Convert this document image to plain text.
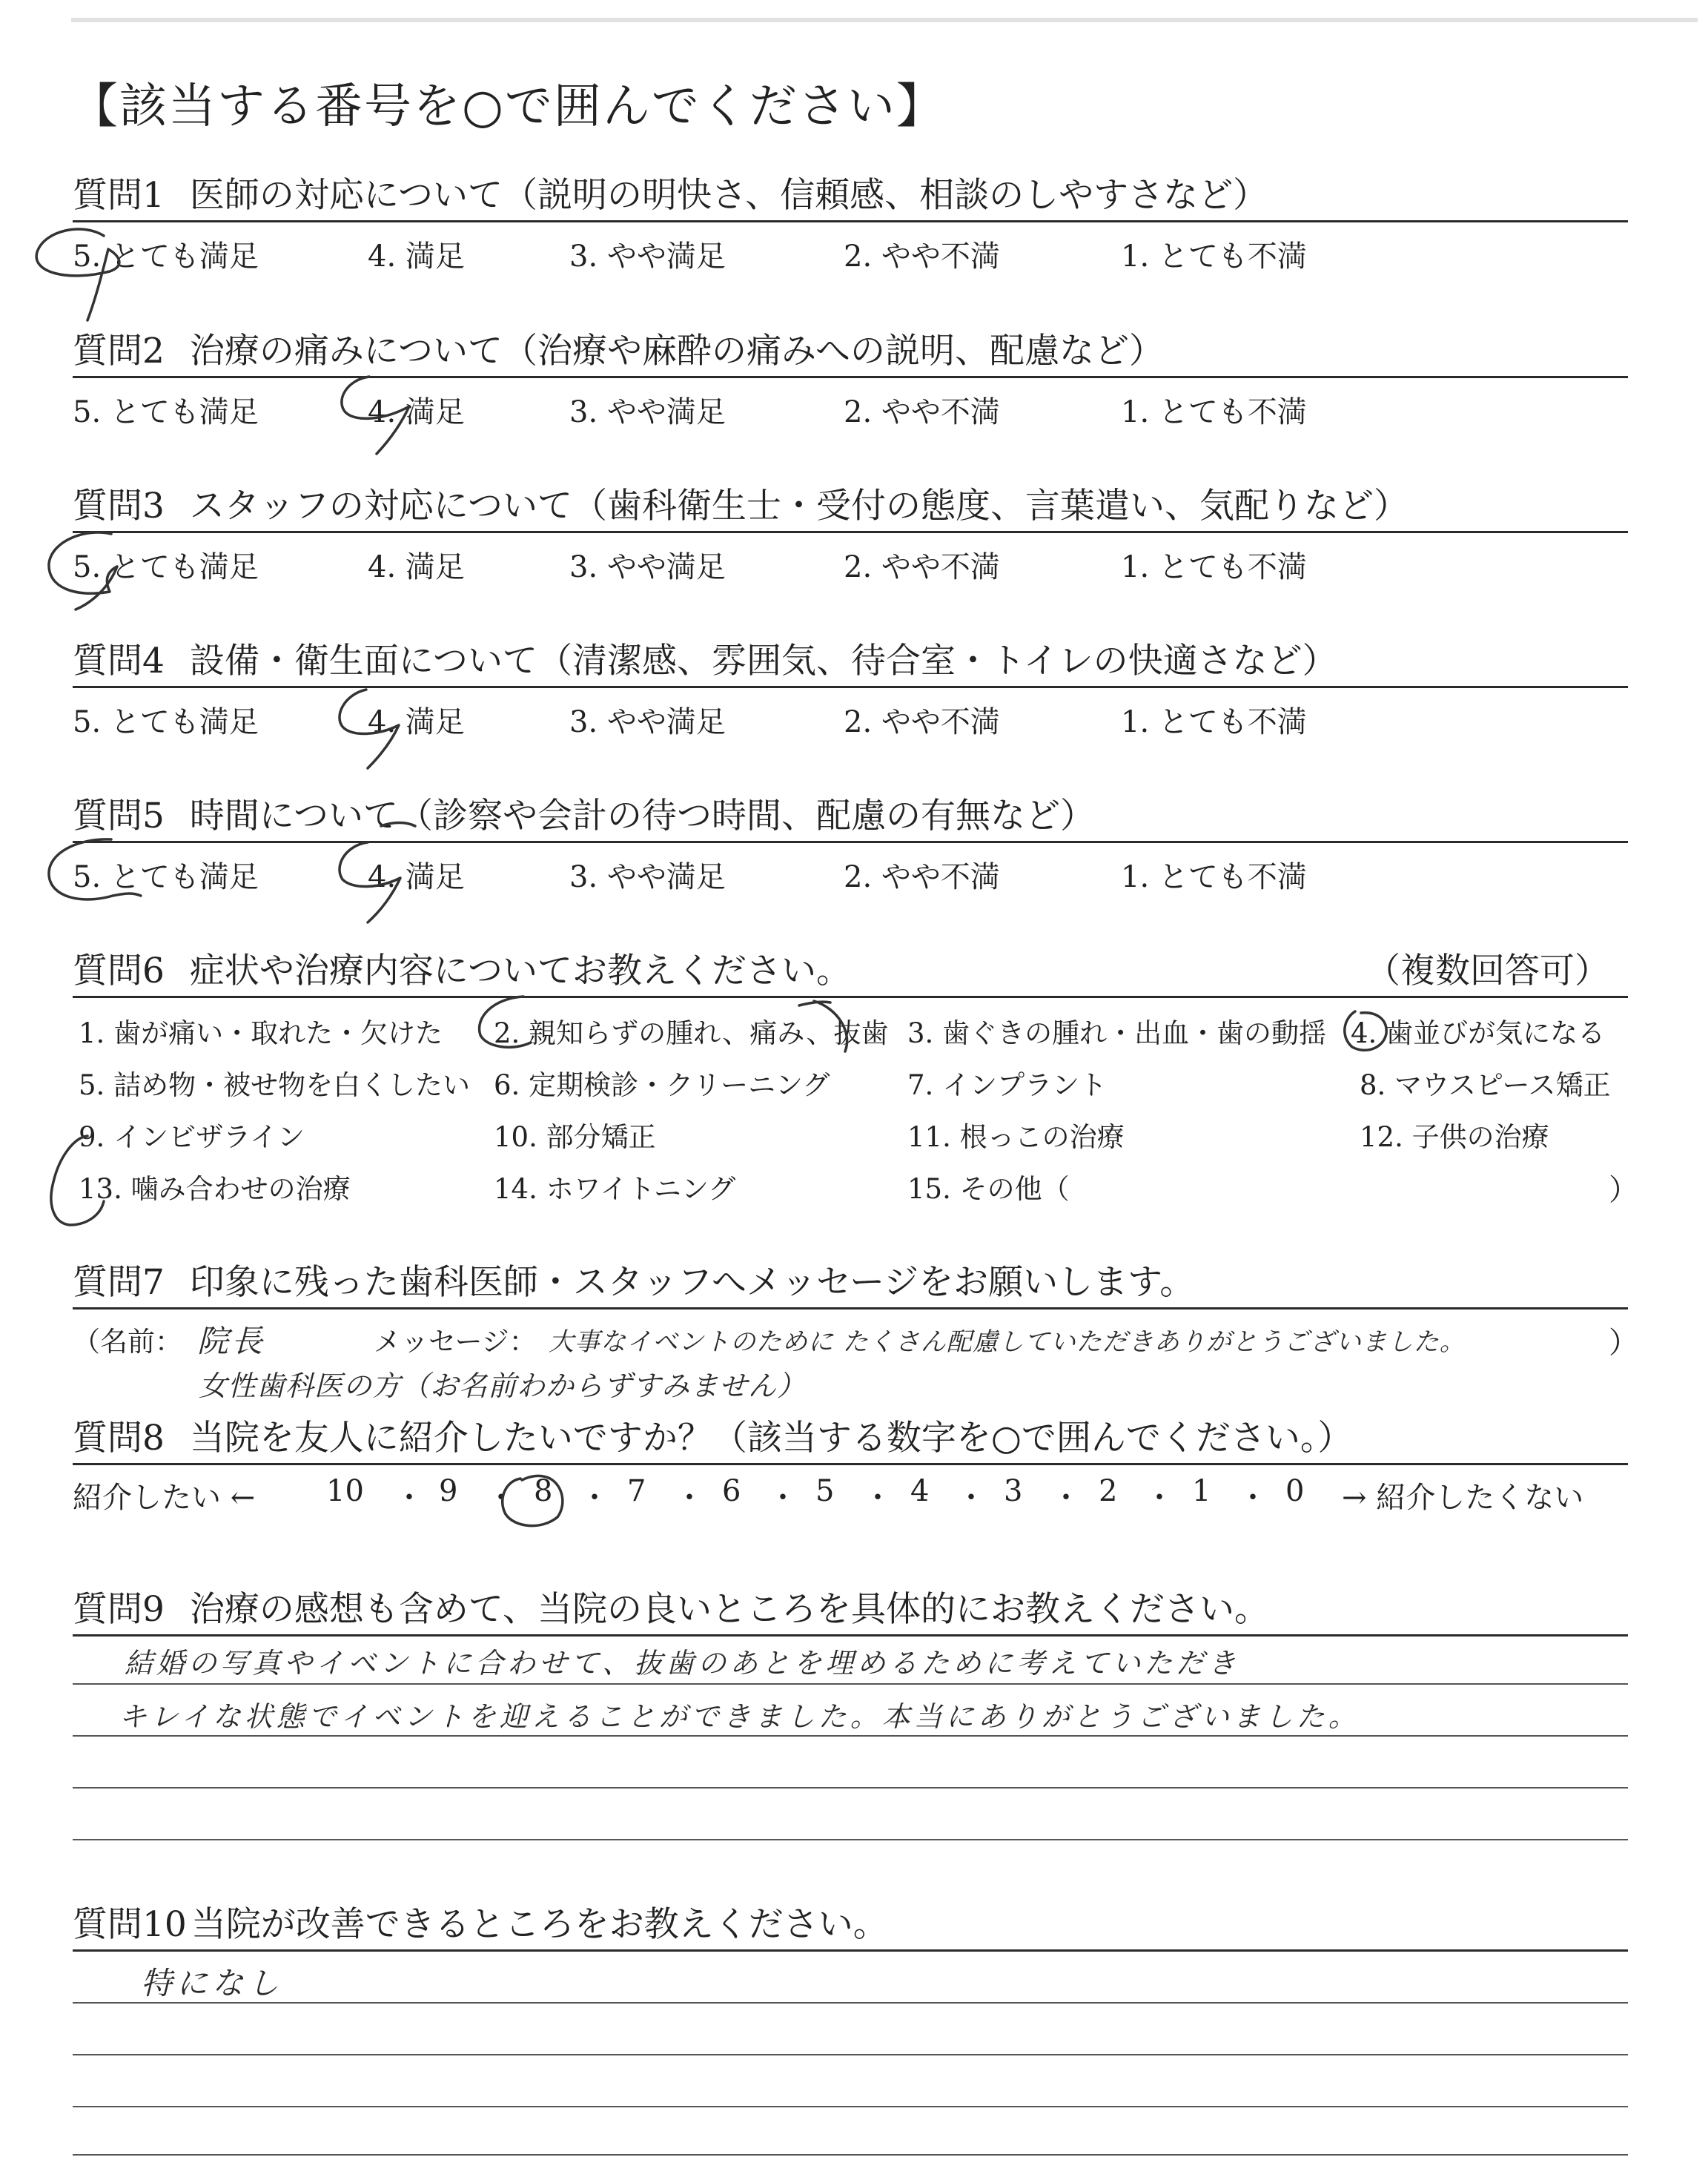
【該当する番号を○で囲んでください】
質問1 医師の対応について（説明の明快さ、信頼感、相談のしやすさなど）
5. とても満足	4. 満足	3. やや満足	2. やや不満	1. とても不満
質問2 治療の痛みについて（治療や麻酔の痛みへの説明、配慮など）
5. とても満足	4. 満足	3. やや満足	2. やや不満	1. とても不満
質問3 スタッフの対応について（歯科衛生士・受付の態度、言葉遣い、気配りなど）
5. とても満足	4. 満足	3. やや満足	2. やや不満	1. とても不満
質問4 設備・衛生面について（清潔感、雰囲気、待合室・トイレの快適さなど）
5. とても満足	4. 満足	3. やや満足	2. やや不満	1. とても不満
質問5 時間について（診察や会計の待つ時間、配慮の有無など）
5. とても満足	4. 満足	3. やや満足	2. やや不満	1. とても不満
質問6 症状や治療内容についてお教えください。	（複数回答可）
1. 歯が痛い・取れた・欠けた 2. 親知らずの腫れ、痛み、抜歯 3. 歯ぐきの腫れ・出血・歯の動揺 4. 歯並びが気になる
5. 詰め物・被せ物を白くしたい 6. 定期検診・クリーニング	7. インプラント	8. マウスピース矯正
9. インビザライン	10. 部分矯正	11. 根っこの治療	12. 子供の治療
13. 噛み合わせの治療	14. ホワイトニング	15. その他（	）
質問7 印象に残った歯科医師・スタッフへメッセージをお願いします。
（名前： 院長	メッセージ： 大事なイベントのために たくさん配慮していただきありがとうございました。	）
女性歯科医の方（お名前わからずすみません）
質問8 当院を友人に紹介したいですか？（該当する数字を○で囲んでください。）
紹介したい ← 10 ・ 9 ・ 8 ・ 7 ・ 6 ・ 5 ・ 4 ・ 3 ・ 2 ・ 1 ・ 0 → 紹介したくない
質問9 治療の感想も含めて、当院の良いところを具体的にお教えください。
結婚の写真やイベントに合わせて、抜歯のあとを埋めるために考えていただき
キレイな状態でイベントを迎えることができました。本当にありがとうございました。
質問10 当院が改善できるところをお教えください。
特になし
